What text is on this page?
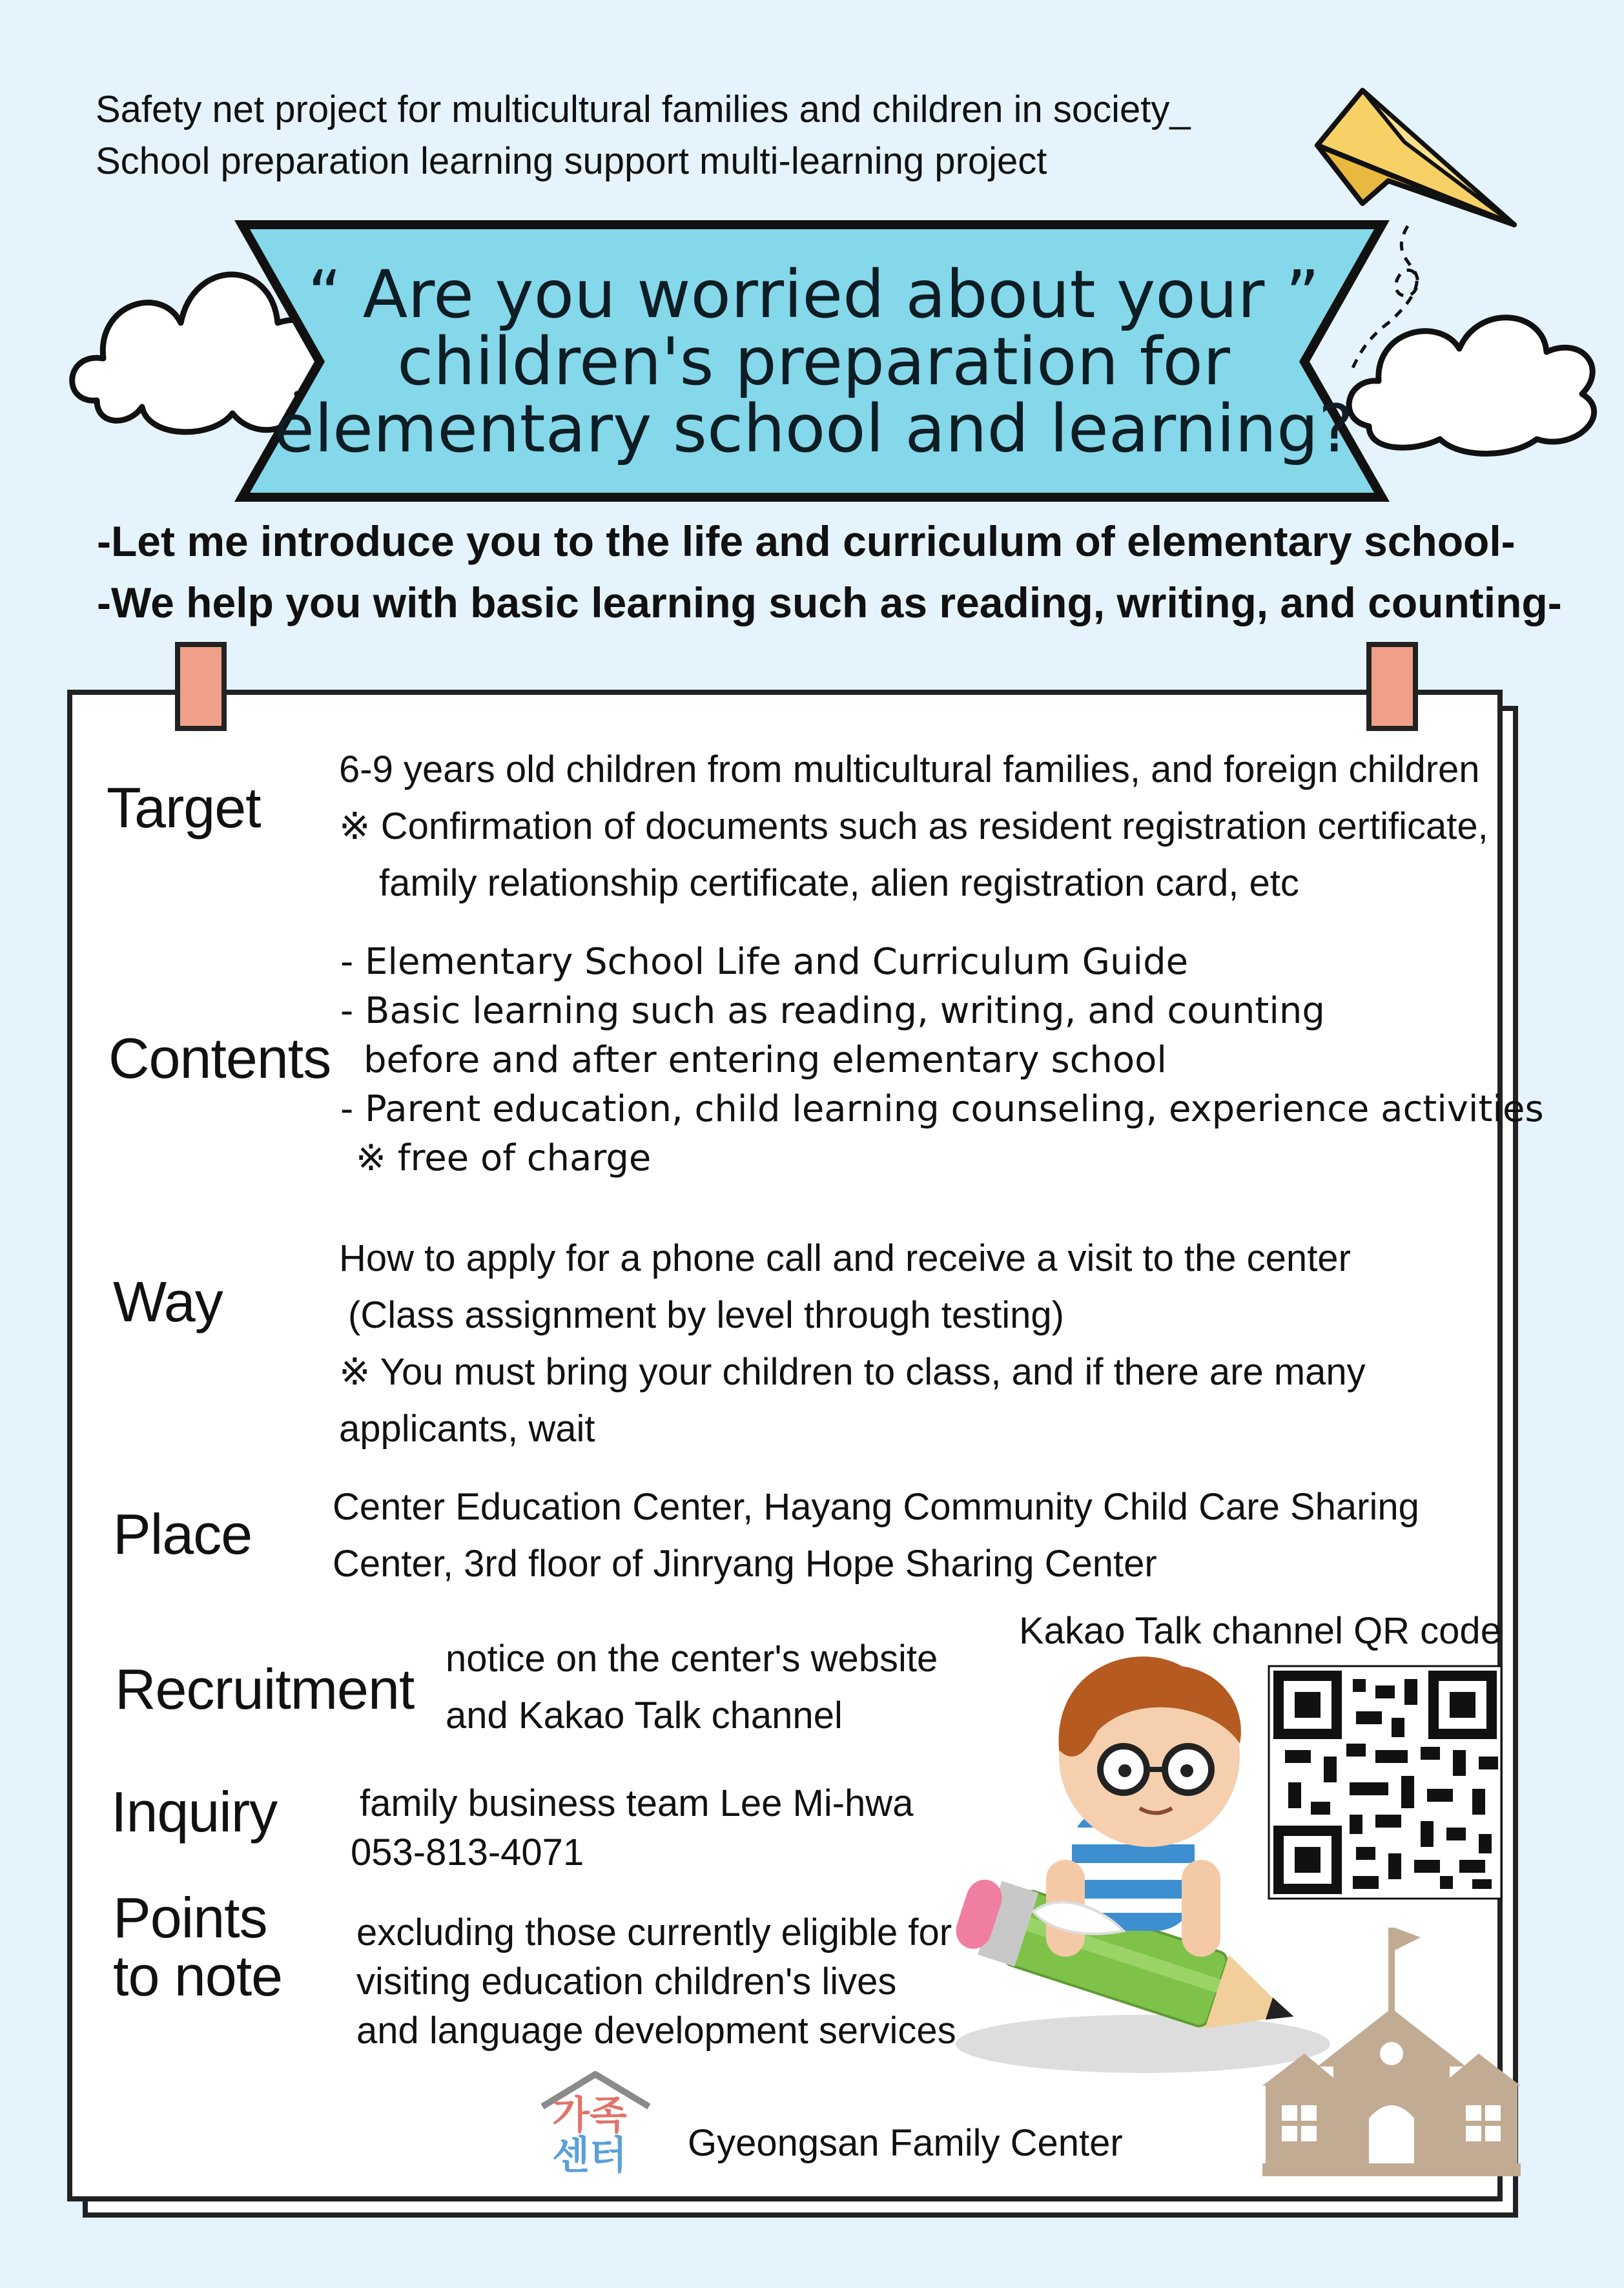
Safety net project for multicultural families and children in society_
School preparation learning support multi-learning project
“ Are you worried about your ”
children's preparation for
elementary school and learning?
-Let me introduce you to the life and curriculum of elementary school-
-We help you with basic learning such as reading, writing, and counting-
Target
6-9 years old children from multicultural families, and foreign children
※ Confirmation of documents such as resident registration certificate,
family relationship certificate, alien registration card, etc
Contents
- Elementary School Life and Curriculum Guide
- Basic learning such as reading, writing, and counting
before and after entering elementary school
- Parent education, child learning counseling, experience activities
※ free of charge
Way
How to apply for a phone call and receive a visit to the center
(Class assignment by level through testing)
※ You must bring your children to class, and if there are many
applicants, wait
Place Center Education Center, Hayang Community Child Care Sharing
Center, 3rd floor of Jinryang Hope Sharing Center
Kakao Talk channel QR code
Recruitment notice on the center's website
and Kakao Talk channel
Inquiry family business team Lee Mi-hwa
053-813-4071
Points
to note
excluding those currently eligible for
visiting education children's lives
and language development services
가족
센터 Gyeongsan Family Center
